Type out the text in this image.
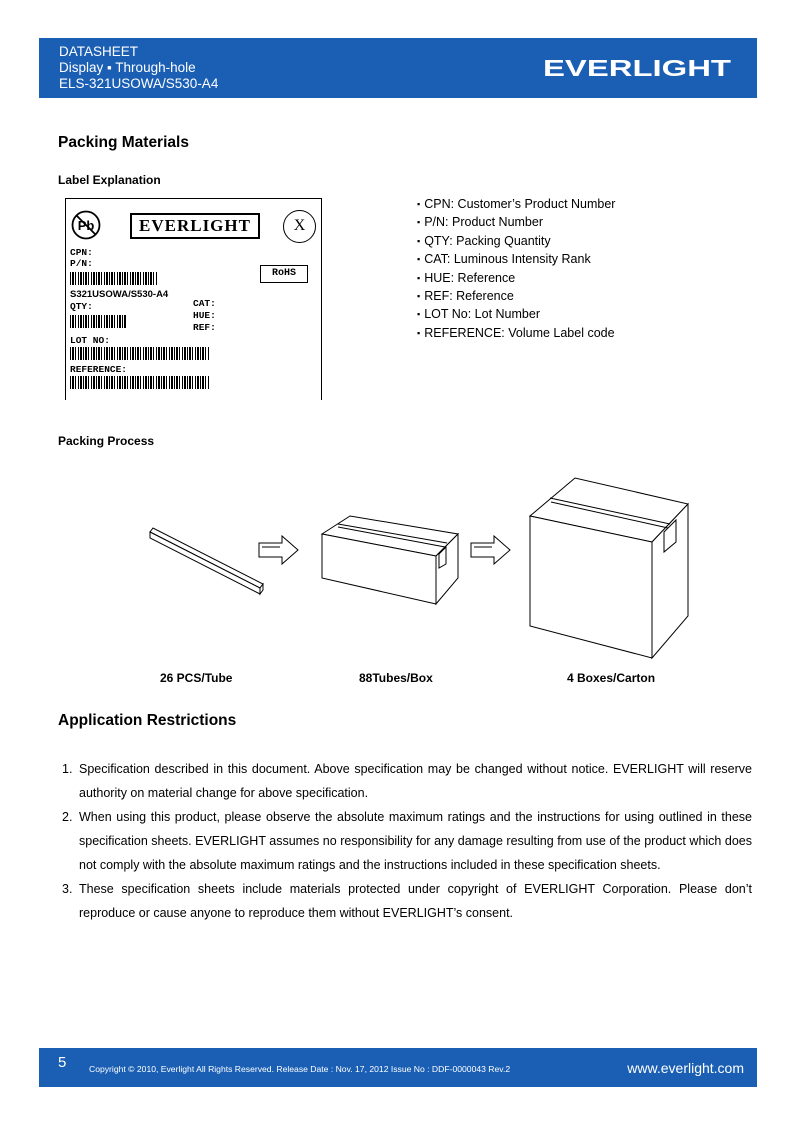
DATASHEET
Display ▪ Through-hole
ELS-321USOWA/S530-A4
EVERLIGHT
Packing Materials
Label Explanation
Pb	EVERLIGHT	X
CPN:
P/N:
RoHS
S321USOWA/S530-A4
QTY:	CAT:
HUE:
REF:
LOT NO:
REFERENCE:
▪ CPN: Customer’s Product Number
▪ P/N: Product Number
▪ QTY: Packing Quantity
▪ CAT: Luminous Intensity Rank
▪ HUE: Reference
▪ REF: Reference
▪ LOT No: Lot Number
▪ REFERENCE: Volume Label code
Packing Process
26 PCS/Tube	88Tubes/Box	4 Boxes/Carton
Application Restrictions
1. Specification described in this document. Above specification may be changed without notice. EVERLIGHT will reserve authority on material change for above specification.
2. When using this product, please observe the absolute maximum ratings and the instructions for using outlined in these specification sheets. EVERLIGHT assumes no responsibility for any damage resulting from use of the product which does not comply with the absolute maximum ratings and the instructions included in these specification sheets.
3. These specification sheets include materials protected under copyright of EVERLIGHT Corporation. Please don’t reproduce or cause anyone to reproduce them without EVERLIGHT’s consent.
5	Copyright © 2010, Everlight All Rights Reserved. Release Date : Nov. 17, 2012 Issue No : DDF-0000043 Rev.2	www.everlight.com
